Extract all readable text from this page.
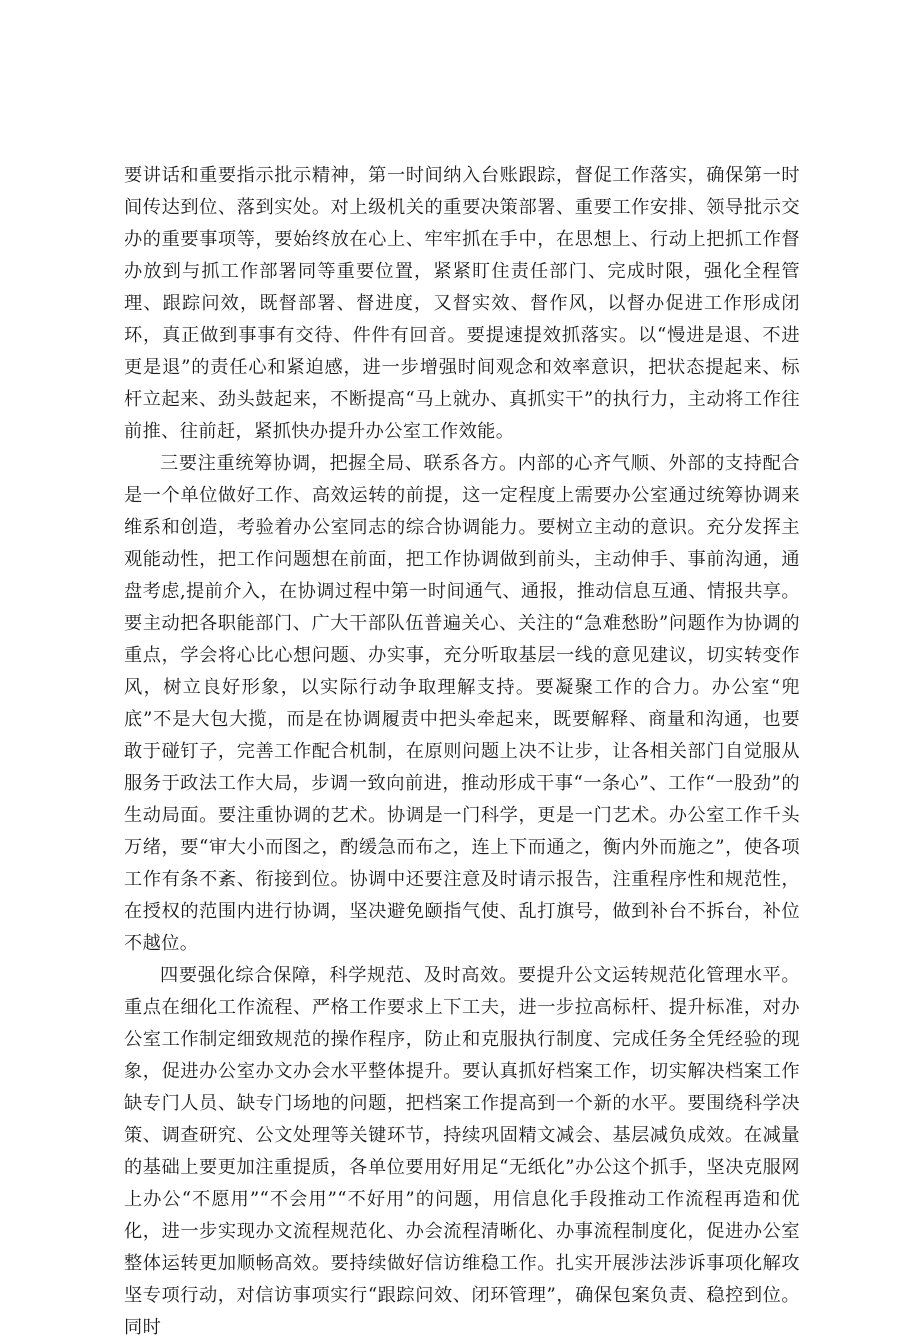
要讲话和重要指示批示精神，第一时间纳入台账跟踪，督促工作落实，确保第一时间传达到位、落到实处。对上级机关的重要决策部署、重要工作安排、领导批示交办的重要事项等，要始终放在心上、牢牢抓在手中，在思想上、行动上把抓工作督办放到与抓工作部署同等重要位置，紧紧盯住责任部门、完成时限，强化全程管理、跟踪问效，既督部署、督进度，又督实效、督作风，以督办促进工作形成闭环，真正做到事事有交待、件件有回音。要提速提效抓落实。以“慢进是退、不进更是退”的责任心和紧迫感，进一步增强时间观念和效率意识，把状态提起来、标杆立起来、劲头鼓起来，不断提高“马上就办、真抓实干”的执行力，主动将工作往前推、往前赶，紧抓快办提升办公室工作效能。

三要注重统筹协调，把握全局、联系各方。内部的心齐气顺、外部的支持配合是一个单位做好工作、高效运转的前提，这一定程度上需要办公室通过统筹协调来维系和创造，考验着办公室同志的综合协调能力。要树立主动的意识。充分发挥主观能动性，把工作问题想在前面，把工作协调做到前头，主动伸手、事前沟通，通盘考虑,提前介入，在协调过程中第一时间通气、通报，推动信息互通、情报共享。要主动把各职能部门、广大干部队伍普遍关心、关注的“急难愁盼”问题作为协调的重点，学会将心比心想问题、办实事，充分听取基层一线的意见建议，切实转变作风，树立良好形象，以实际行动争取理解支持。要凝聚工作的合力。办公室“兜底”不是大包大揽，而是在协调履责中把头牵起来，既要解释、商量和沟通，也要敢于碰钉子，完善工作配合机制，在原则问题上决不让步，让各相关部门自觉服从服务于政法工作大局，步调一致向前进，推动形成干事“一条心”、工作“一股劲”的生动局面。要注重协调的艺术。协调是一门科学，更是一门艺术。办公室工作千头万绪，要“审大小而图之，酌缓急而布之，连上下而通之，衡内外而施之”，使各项工作有条不紊、衔接到位。协调中还要注意及时请示报告，注重程序性和规范性，在授权的范围内进行协调，坚决避免颐指气使、乱打旗号，做到补台不拆台，补位不越位。

四要强化综合保障，科学规范、及时高效。要提升公文运转规范化管理水平。重点在细化工作流程、严格工作要求上下工夫，进一步拉高标杆、提升标准，对办公室工作制定细致规范的操作程序，防止和克服执行制度、完成任务全凭经验的现象，促进办公室办文办会水平整体提升。要认真抓好档案工作，切实解决档案工作缺专门人员、缺专门场地的问题，把档案工作提高到一个新的水平。要围绕科学决策、调查研究、公文处理等关键环节，持续巩固精文减会、基层减负成效。在减量的基础上要更加注重提质，各单位要用好用足“无纸化”办公这个抓手，坚决克服网上办公“不愿用”“不会用”“不好用”的问题，用信息化手段推动工作流程再造和优化，进一步实现办文流程规范化、办会流程清晰化、办事流程制度化，促进办公室整体运转更加顺畅高效。要持续做好信访维稳工作。扎实开展涉法涉诉事项化解攻坚专项行动，对信访事项实行“跟踪问效、闭环管理”，确保包案负责、稳控到位。同时
